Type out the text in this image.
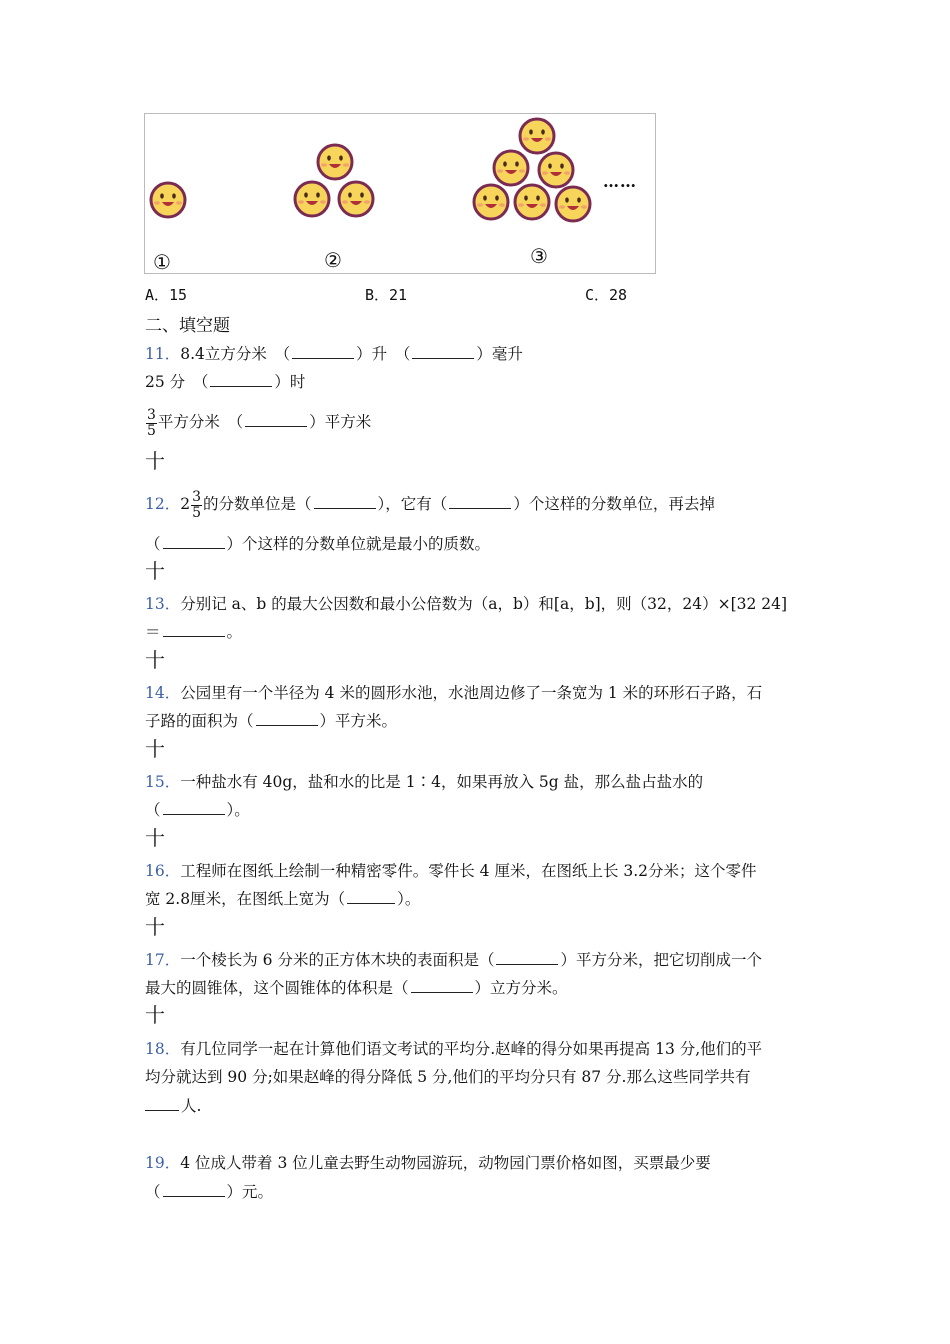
①	②	③
……
A．15	B．21	C．28
二、填空题
11．8.4立方分米　（	）升　（	）毫升
25 分　（	）时
$\frac{3}{5}$ 平方分米　（	）平方米
十
12．$2 \frac{3}{5}$ 的分数单位是（	），它有（	）个这样的分数单位，再去掉
（	）个这样的分数单位就是最小的质数。
十
13．分别记 a、b 的最大公因数和最小公倍数为（a，b）和[a，b]，则（32，24）×[32 24]
＝	。
十
14．公园里有一个半径为 4 米的圆形水池，水池周边修了一条宽为 1 米的环形石子路，石
子路的面积为（	）平方米。
十
15．一种盐水有 40g，盐和水的比是 1∶4，如果再放入 5g 盐，那么盐占盐水的
（	）。
十
16．工程师在图纸上绘制一种精密零件。零件长 4 厘米，在图纸上长 3.2分米；这个零件
宽 2.8厘米，在图纸上宽为（	）。
十
17．一个棱长为 6 分米的正方体木块的表面积是（	）平方分米，把它切削成一个
最大的圆锥体，这个圆锥体的体积是（	）立方分米。
十
18．有几位同学一起在计算他们语文考试的平均分.赵峰的得分如果再提高 13 分,他们的平
均分就达到 90 分;如果赵峰的得分降低 5 分,他们的平均分只有 87 分.那么这些同学共有
人.
19．4 位成人带着 3 位儿童去野生动物园游玩，动物园门票价格如图，买票最少要
（	）元。
